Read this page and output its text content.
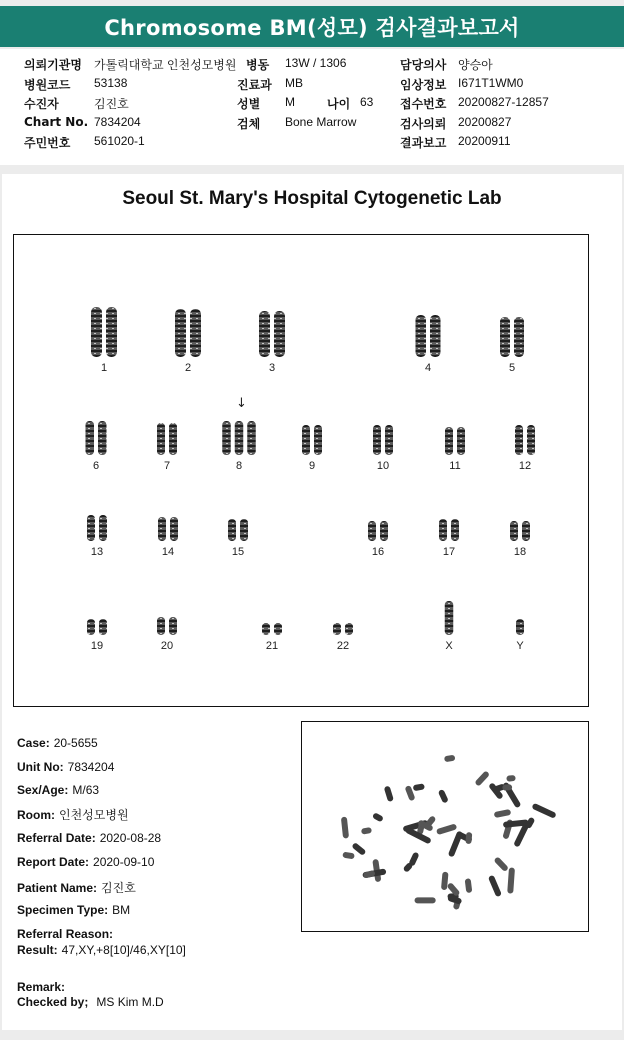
Chromosome BM(성모) 검사결과보고서
의뢰기관명 가톨릭대학교 인천성모병원 병동 13W / 1306	담당의사 양승아
병원코드 53138	진료과 MB	임상정보 I671T1WM0
수진자	김진호	성별 M	나이 63 접수번호 20200827-12857
Chart No. 7834204	검체 Bone Marrow	검사의뢰 20200827
주민번호 561020-1	결과보고 20200911
Seoul St. Mary's Hospital Cytogenetic Lab
1	2	3	4	5
6	7	8	9	10	11	12
13	14	15	16	17	18
19	20	21	22	X	Y
↓
Case: 20-5655
Unit No: 7834204
Sex/Age: M/63
Room: 인천성모병원
Referral Date: 2020-08-28
Report Date: 2020-09-10
Patient Name: 김진호
Specimen Type: BM
Referral Reason:
Result: 47,XY,+8[10]/46,XY[10]
Remark:
Checked by; MS Kim M.D
